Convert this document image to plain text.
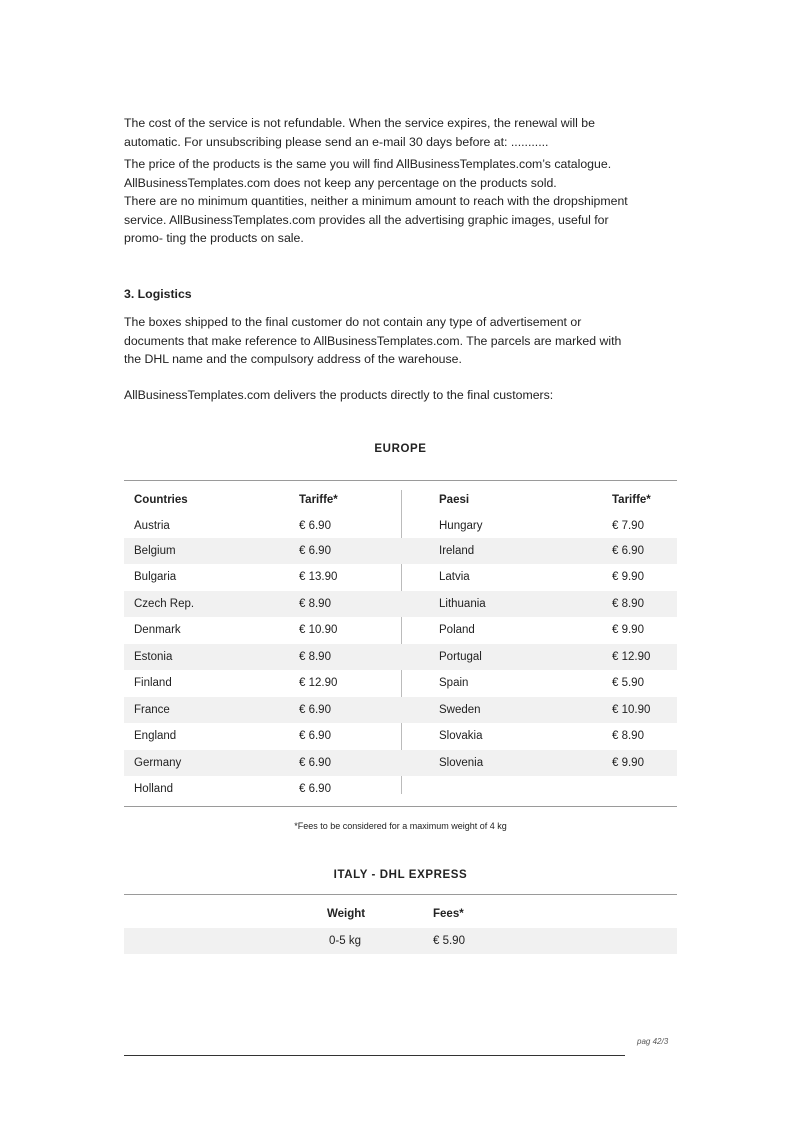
The cost of the service is not refundable. When the service expires, the renewal will be
automatic. For unsubscribing please send an e-mail 30 days before at: ...........

The price of the products is the same you will find AllBusinessTemplates.com’s catalogue.
AllBusinessTemplates.com does not keep any percentage on the products sold.
There are no minimum quantities, neither a minimum amount to reach with the dropshipment
service. AllBusinessTemplates.com provides all the advertising graphic images, useful for
promo- ting the products on sale.

3. Logistics

The boxes shipped to the final customer do not contain any type of advertisement or
documents that make reference to AllBusinessTemplates.com. The parcels are marked with
the DHL name and the compulsory address of the warehouse.

AllBusinessTemplates.com delivers the products directly to the final customers:

EUROPE

Countries	Tariffe*	Paesi	Tariffe*
Austria	€ 6.90	Hungary	€ 7.90
Belgium	€ 6.90	Ireland	€ 6.90
Bulgaria	€ 13.90	Latvia	€ 9.90
Czech Rep.	€ 8.90	Lithuania	€ 8.90
Denmark	€ 10.90	Poland	€ 9.90
Estonia	€ 8.90	Portugal	€ 12.90
Finland	€ 12.90	Spain	€ 5.90
France	€ 6.90	Sweden	€ 10.90
England	€ 6.90	Slovakia	€ 8.90
Germany	€ 6.90	Slovenia	€ 9.90
Holland	€ 6.90

*Fees to be considered for a maximum weight of 4 kg

ITALY - DHL EXPRESS

Weight	Fees*
0-5 kg	€ 5.90
pag 42/3
